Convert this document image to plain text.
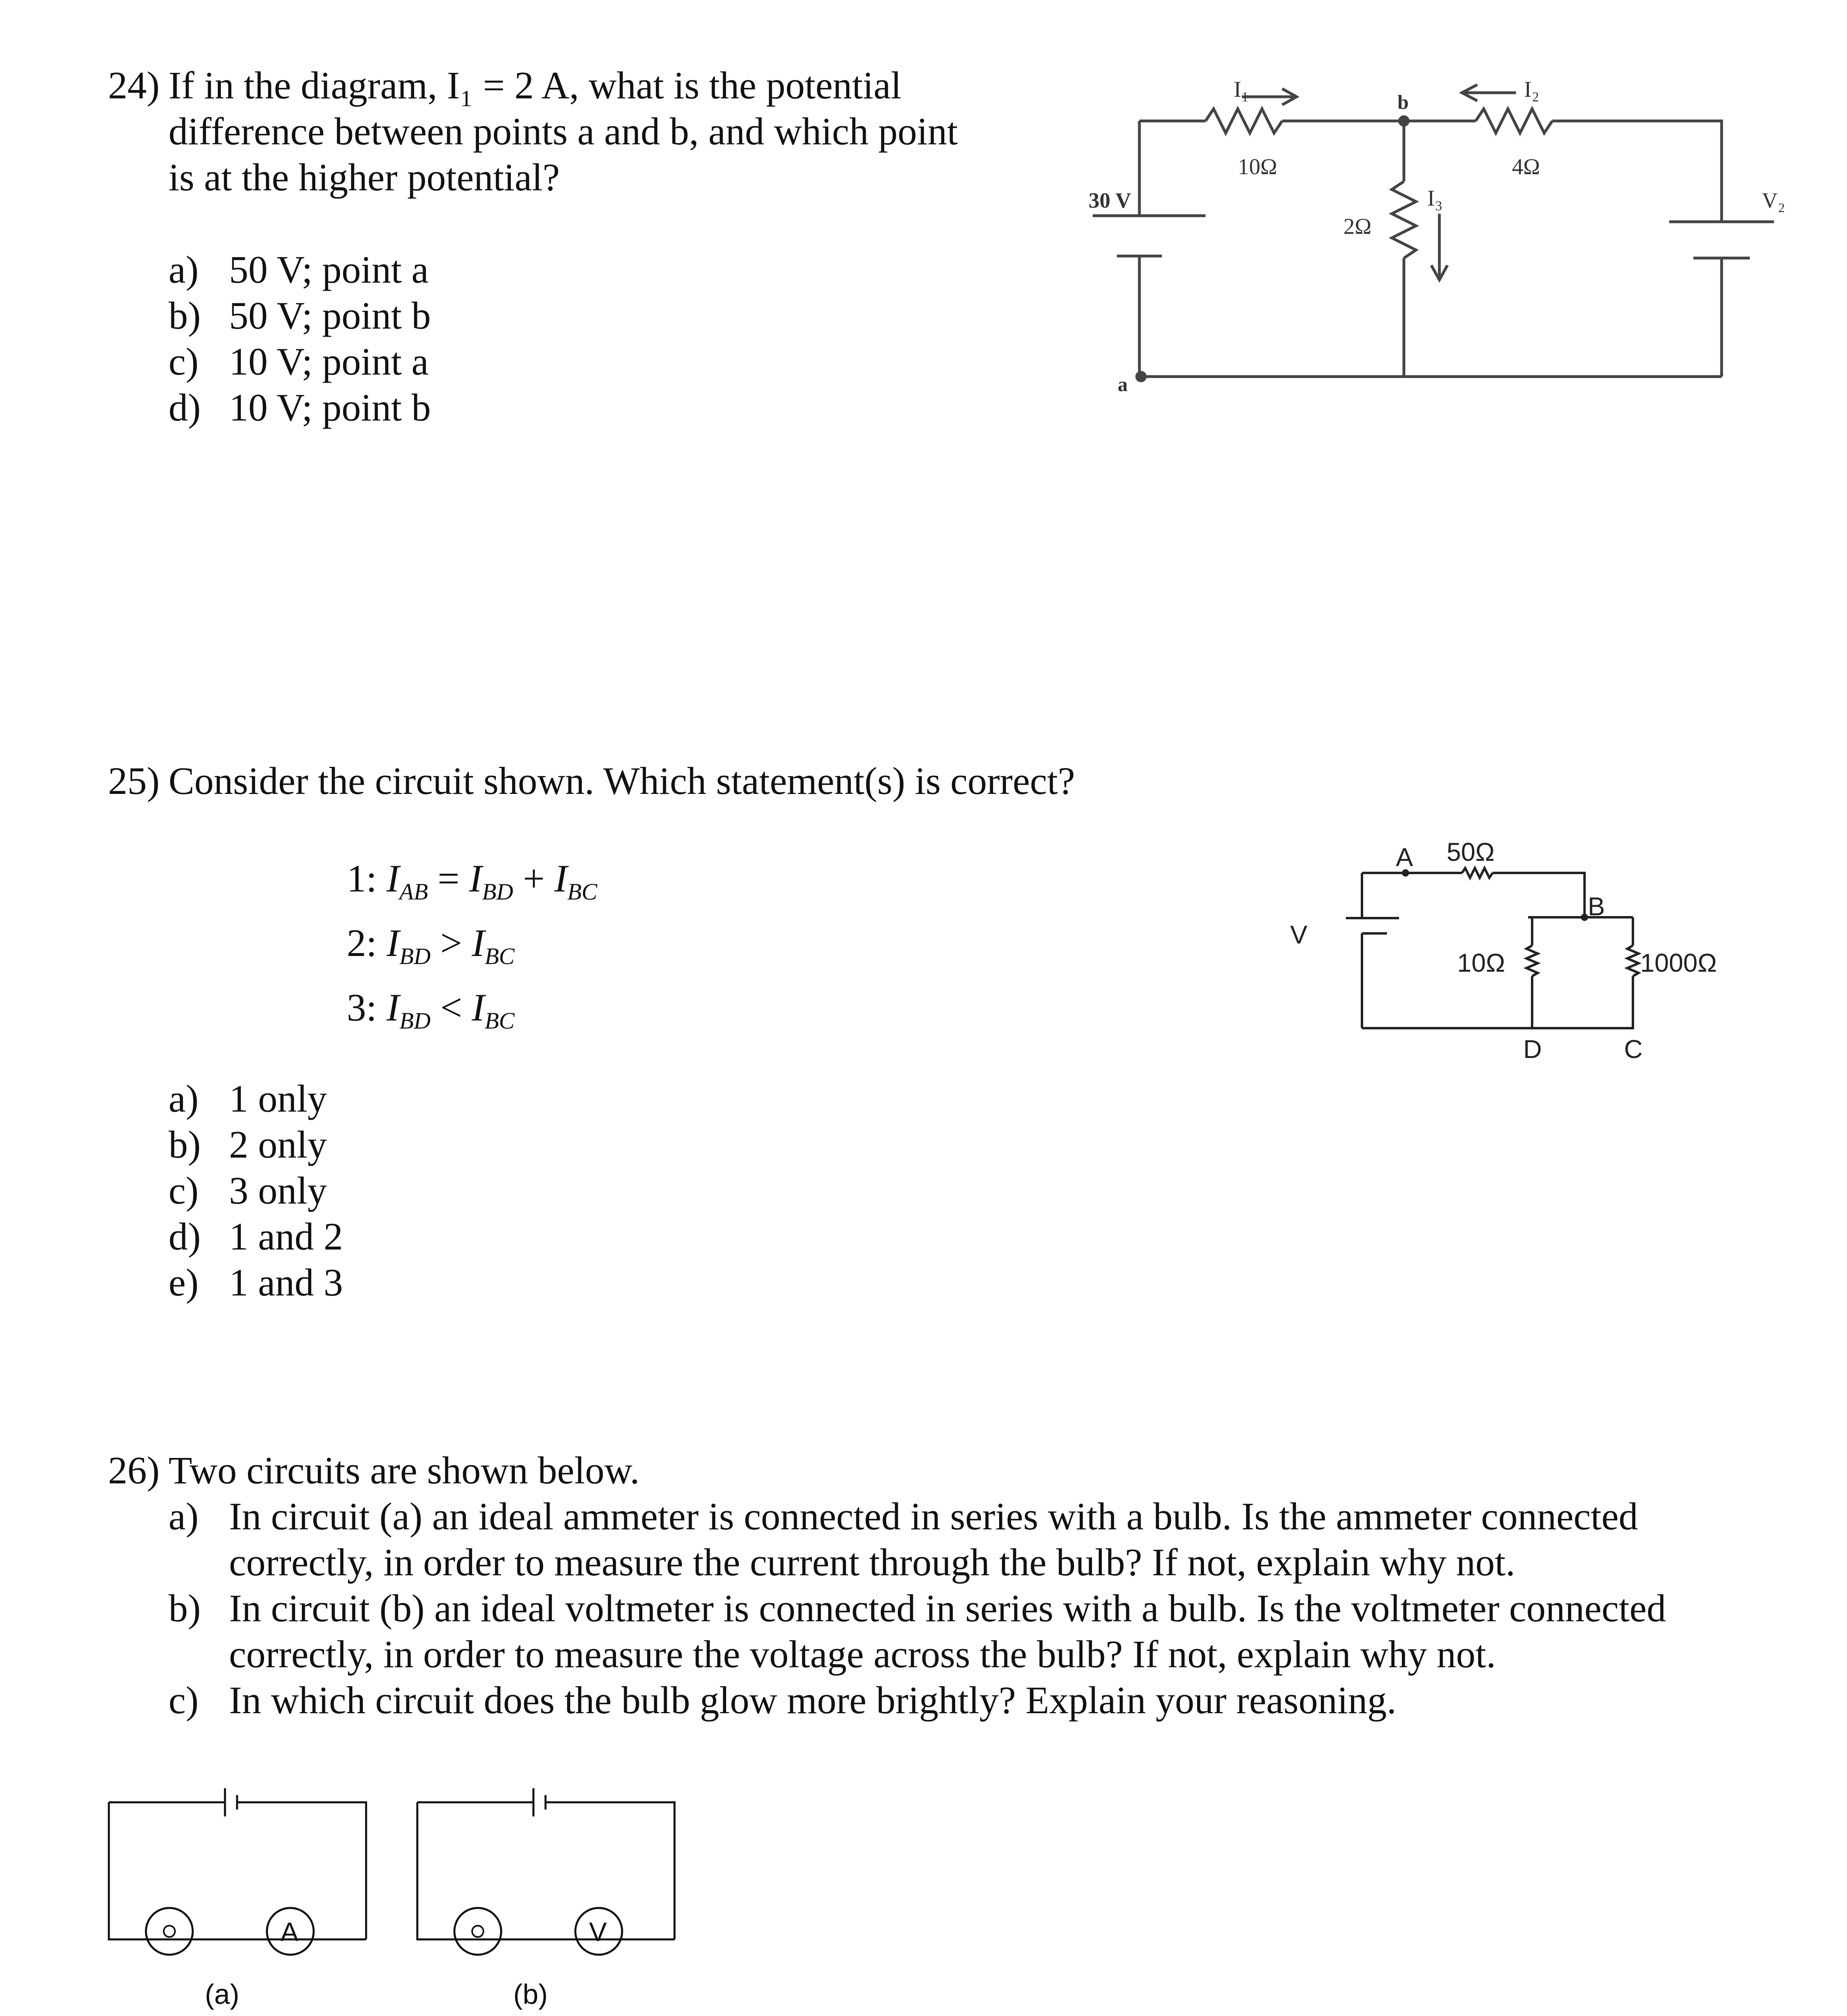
24) If in the diagram, I₁ = 2 A, what is the potential
difference between points a and b, and which point
is at the higher potential?
a) 50 V; point a
b) 50 V; point b
c) 10 V; point a
d) 10 V; point b
I₁	I₂
I₃
b
a
10Ω	4Ω
2Ω
30 V	V₂
25) Consider the circuit shown. Which statement(s) is correct?
1: $I_{AB} = I_{BD} + I_{BC}$
2: $I_{BD} > I_{BC}$
3: $I_{BD} < I_{BC}$
a) 1 only
b) 2 only
c) 3 only
d) 1 and 2
e) 1 and 3
A 50Ω
B
V
10Ω	1000Ω
D	C
26) Two circuits are shown below.
a) In circuit (a) an ideal ammeter is connected in series with a bulb. Is the ammeter connected correctly, in order to measure the current through the bulb? If not, explain why not.
b) In circuit (b) an ideal voltmeter is connected in series with a bulb. Is the voltmeter connected correctly, in order to measure the voltage across the bulb? If not, explain why not.
c) In which circuit does the bulb glow more brightly? Explain your reasoning.
A
(a)
V
(b)
